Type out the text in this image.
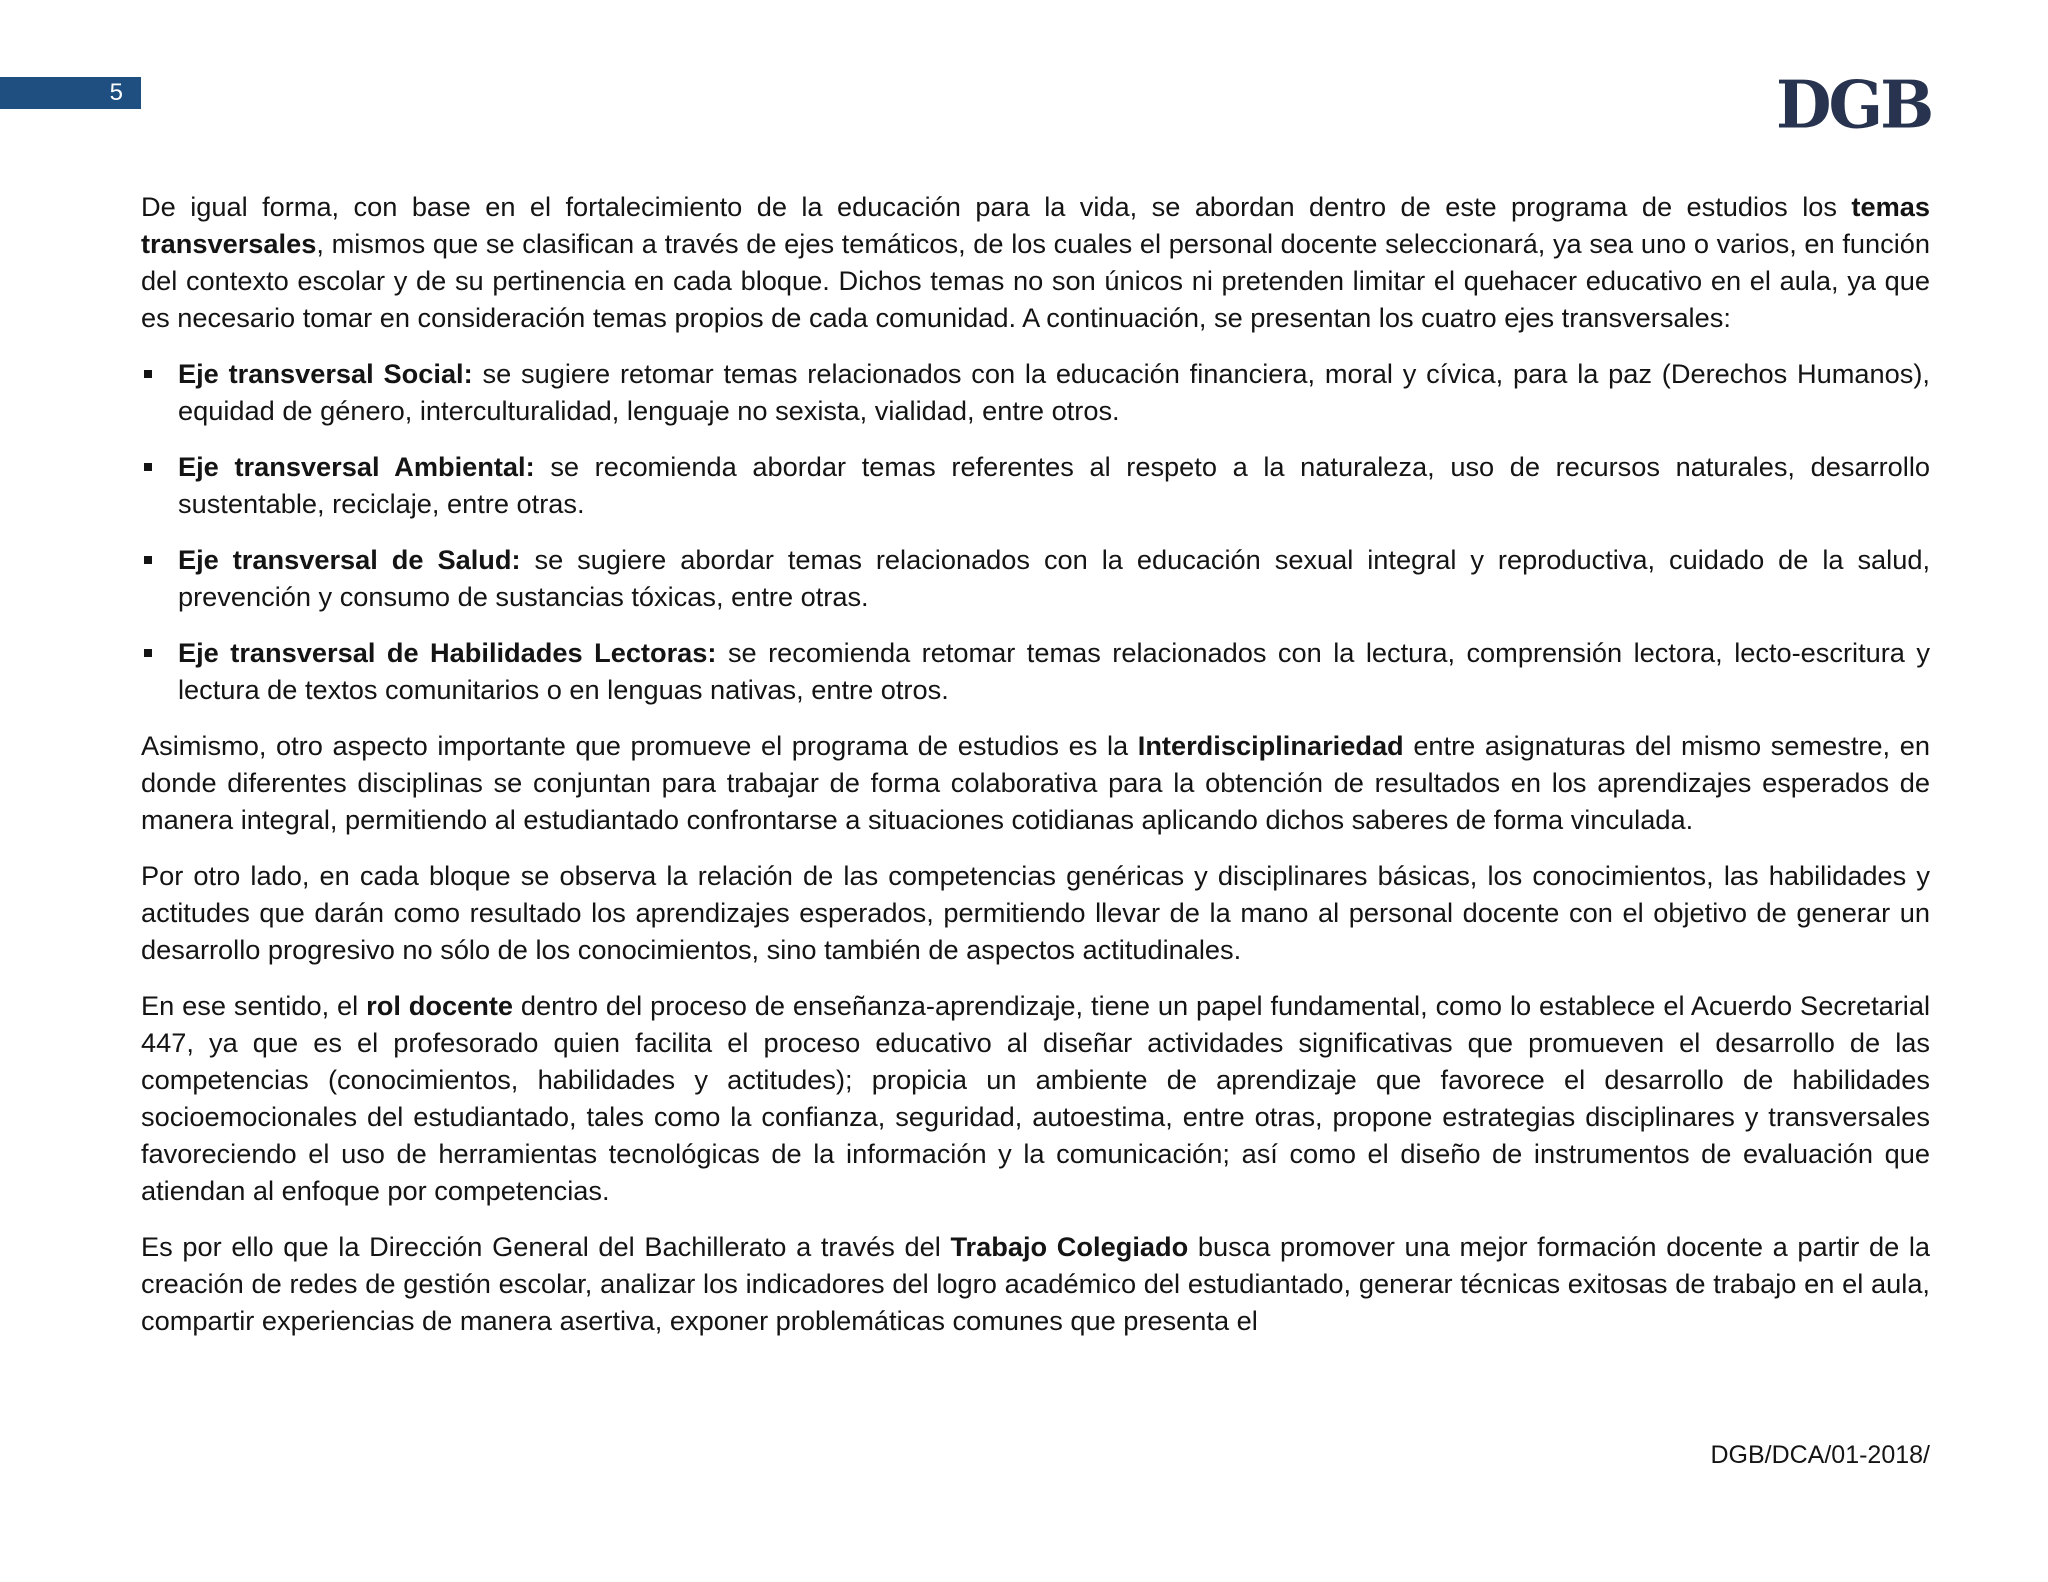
5	DGB

De igual forma, con base en el fortalecimiento de la educación para la vida, se abordan dentro de este programa de estudios los temas transversales, mismos que se clasifican a través de ejes temáticos, de los cuales el personal docente seleccionará, ya sea uno o varios, en función del contexto escolar y de su pertinencia en cada bloque. Dichos temas no son únicos ni pretenden limitar el quehacer educativo en el aula, ya que es necesario tomar en consideración temas propios de cada comunidad. A continuación, se presentan los cuatro ejes transversales:

Eje transversal Social: se sugiere retomar temas relacionados con la educación financiera, moral y cívica, para la paz (Derechos Humanos), equidad de género, interculturalidad, lenguaje no sexista, vialidad, entre otros.
Eje transversal Ambiental: se recomienda abordar temas referentes al respeto a la naturaleza, uso de recursos naturales, desarrollo sustentable, reciclaje, entre otras.
Eje transversal de Salud: se sugiere abordar temas relacionados con la educación sexual integral y reproductiva, cuidado de la salud, prevención y consumo de sustancias tóxicas, entre otras.
Eje transversal de Habilidades Lectoras: se recomienda retomar temas relacionados con la lectura, comprensión lectora, lecto-escritura y lectura de textos comunitarios o en lenguas nativas, entre otros.

Asimismo, otro aspecto importante que promueve el programa de estudios es la Interdisciplinariedad entre asignaturas del mismo semestre, en donde diferentes disciplinas se conjuntan para trabajar de forma colaborativa para la obtención de resultados en los aprendizajes esperados de manera integral, permitiendo al estudiantado confrontarse a situaciones cotidianas aplicando dichos saberes de forma vinculada.

Por otro lado, en cada bloque se observa la relación de las competencias genéricas y disciplinares básicas, los conocimientos, las habilidades y actitudes que darán como resultado los aprendizajes esperados, permitiendo llevar de la mano al personal docente con el objetivo de generar un desarrollo progresivo no sólo de los conocimientos, sino también de aspectos actitudinales.

En ese sentido, el rol docente dentro del proceso de enseñanza-aprendizaje, tiene un papel fundamental, como lo establece el Acuerdo Secretarial 447, ya que es el profesorado quien facilita el proceso educativo al diseñar actividades significativas que promueven el desarrollo de las competencias (conocimientos, habilidades y actitudes); propicia un ambiente de aprendizaje que favorece el desarrollo de habilidades socioemocionales del estudiantado, tales como la confianza, seguridad, autoestima, entre otras, propone estrategias disciplinares y transversales favoreciendo el uso de herramientas tecnológicas de la información y la comunicación; así como el diseño de instrumentos de evaluación que atiendan al enfoque por competencias.

Es por ello que la Dirección General del Bachillerato a través del Trabajo Colegiado busca promover una mejor formación docente a partir de la creación de redes de gestión escolar, analizar los indicadores del logro académico del estudiantado, generar técnicas exitosas de trabajo en el aula, compartir experiencias de manera asertiva, exponer problemáticas comunes que presenta el

DGB/DCA/01-2018/
